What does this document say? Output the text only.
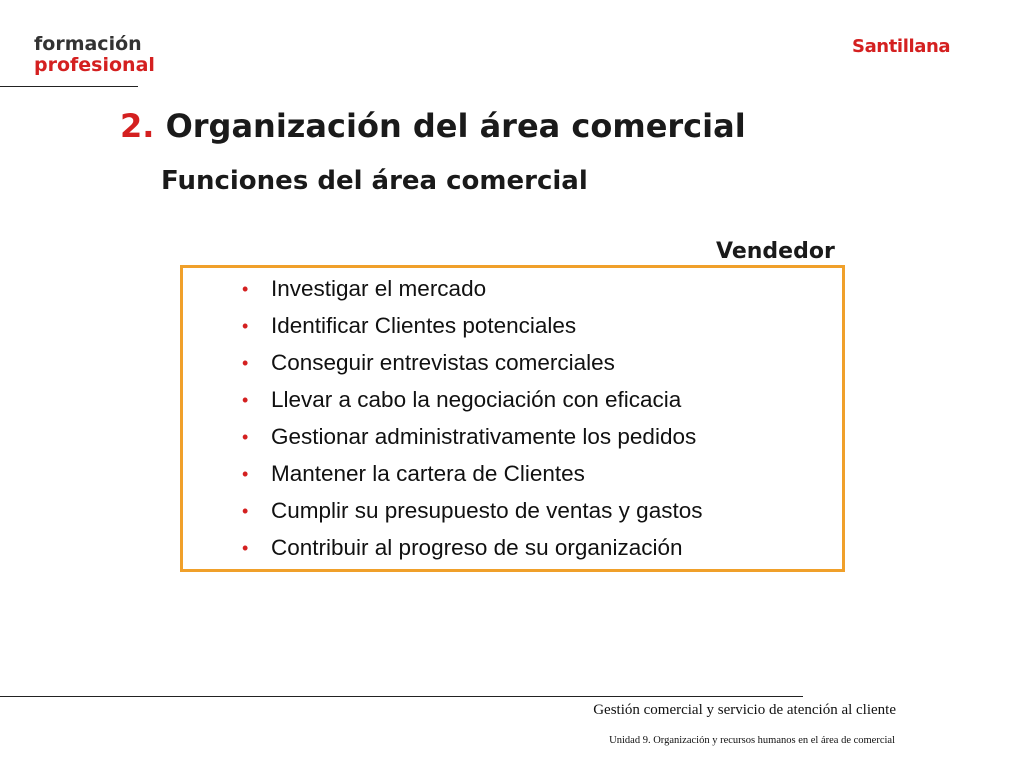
formación
profesional
Santillana
2. Organización del área comercial
Funciones del área comercial
Vendedor
• Investigar el mercado
• Identificar Clientes potenciales
• Conseguir entrevistas comerciales
• Llevar a cabo la negociación con eficacia
• Gestionar administrativamente los pedidos
• Mantener la cartera de Clientes
• Cumplir su presupuesto de ventas y gastos
• Contribuir al progreso de su organización
Gestión comercial y servicio de atención al cliente
Unidad 9. Organización y recursos humanos en el área de comercial
